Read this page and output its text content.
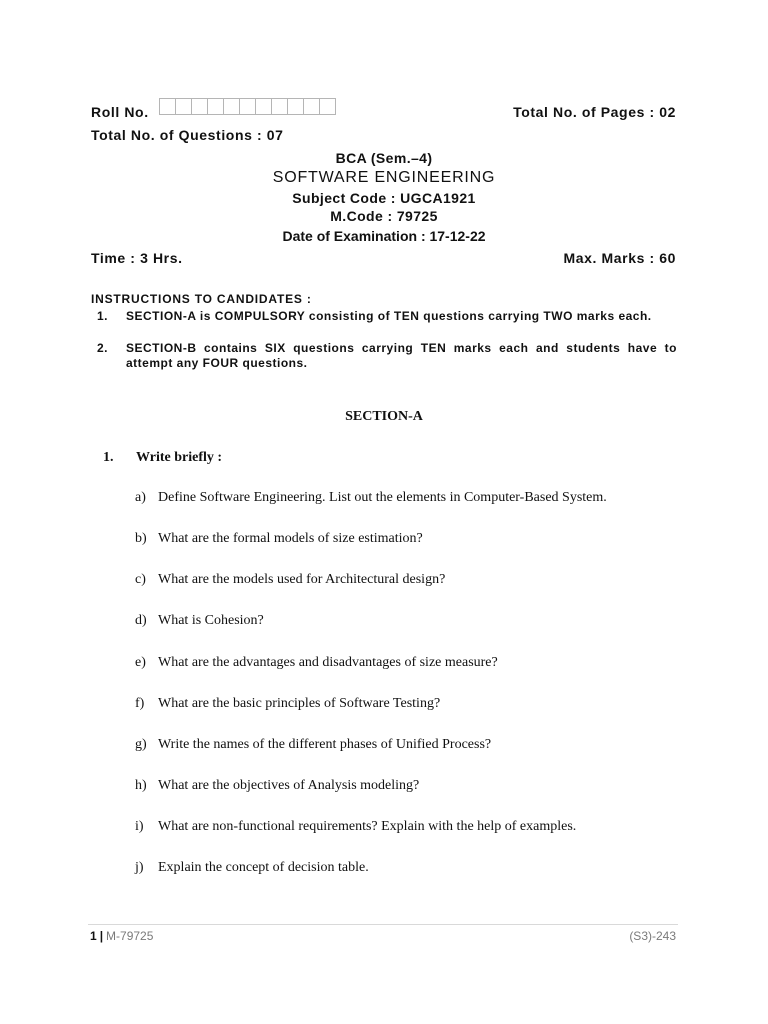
Roll No.	Total No. of Pages : 02
Total No. of Questions : 07
BCA (Sem.–4)
SOFTWARE ENGINEERING
Subject Code : UGCA1921
M.Code : 79725
Date of Examination : 17-12-22
Time : 3 Hrs.	Max. Marks : 60
INSTRUCTIONS TO CANDIDATES :
1. SECTION-A is COMPULSORY consisting of TEN questions carrying TWO marks each.
2. SECTION-B contains SIX questions carrying TEN marks each and students have to attempt any FOUR questions.
SECTION-A
1. Write briefly :
a) Define Software Engineering. List out the elements in Computer-Based System.
b) What are the formal models of size estimation?
c) What are the models used for Architectural design?
d) What is Cohesion?
e) What are the advantages and disadvantages of size measure?
f) What are the basic principles of Software Testing?
g) Write the names of the different phases of Unified Process?
h) What are the objectives of Analysis modeling?
i) What are non-functional requirements? Explain with the help of examples.
j) Explain the concept of decision table.
1 | M-79725	(S3)-243
